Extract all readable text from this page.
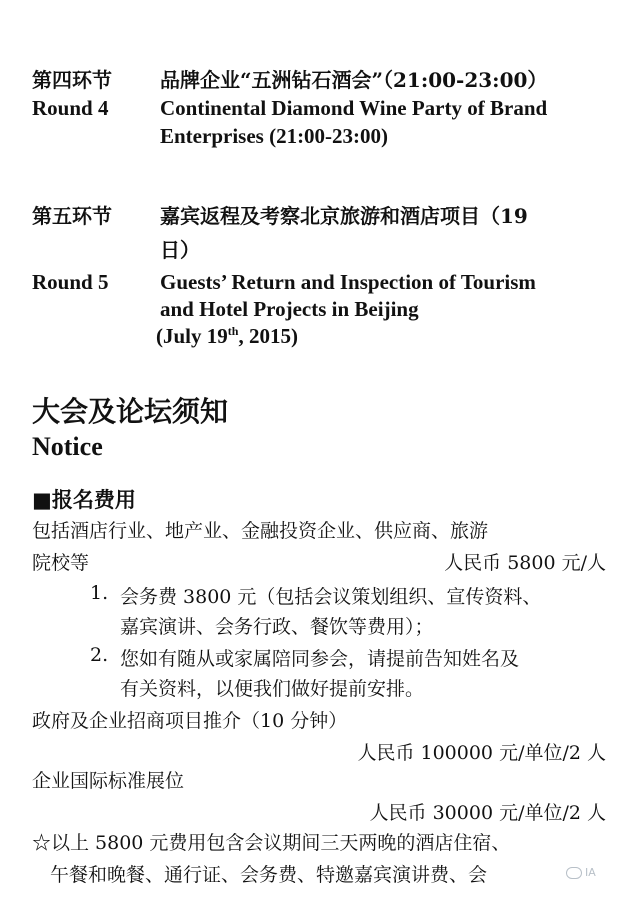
第四环节 品牌企业“五洲钻石酒会”（21:00-23:00）
Round 4 Continental Diamond Wine Party of Brand
Enterprises (21:00-23:00)
第五环节 嘉宾返程及考察北京旅游和酒店项目（19
日）
Round 5 Guests’ Return and Inspection of Tourism
and Hotel Projects in Beijing
(July 19th, 2015)
大会及论坛须知
Notice
■报名费用
包括酒店行业、地产业、金融投资企业、供应商、旅游
院校等	人民币 5800 元/人
1. 会务费 3800 元（包括会议策划组织、宣传资料、
嘉宾演讲、会务行政、餐饮等费用）；
2. 您如有随从或家属陪同参会，请提前告知姓名及
有关资料，以便我们做好提前安排。
政府及企业招商项目推介（10 分钟）
人民币 100000 元/单位/2 人
企业国际标准展位
人民币 30000 元/单位/2 人
☆以上 5800 元费用包含会议期间三天两晚的酒店住宿、
午餐和晚餐、通行证、会务费、特邀嘉宾演讲费、会	IA
